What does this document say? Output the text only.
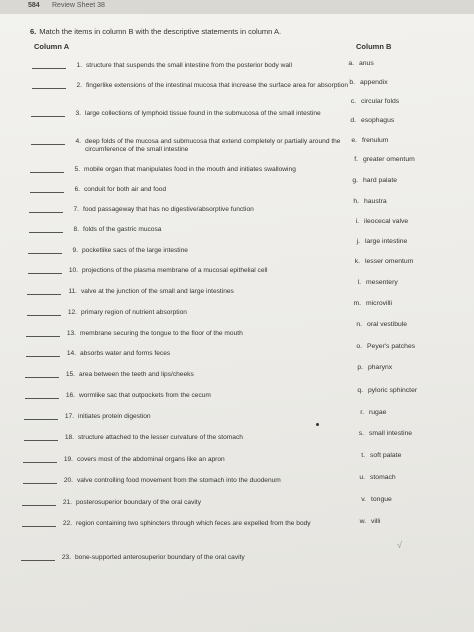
584 Review Sheet 38
6. Match the items in column B with the descriptive statements in column A.
Column A	Column B
1. structure that suspends the small intestine from the posterior body wall
2. fingerlike extensions of the intestinal mucosa that increase the surface area for absorption
3. large collections of lymphoid tissue found in the submucosa of the small intestine
4. deep folds of the mucosa and submucosa that extend completely or partially around the circumference of the small intestine
5. mobile organ that manipulates food in the mouth and initiates swallowing
6. conduit for both air and food
7. food passageway that has no digestive/absorptive function
8. folds of the gastric mucosa
9. pocketlike sacs of the large intestine
10. projections of the plasma membrane of a mucosal epithelial cell
11. valve at the junction of the small and large intestines
12. primary region of nutrient absorption
13. membrane securing the tongue to the floor of the mouth
14. absorbs water and forms feces
15. area between the teeth and lips/cheeks
16. wormlike sac that outpockets from the cecum
17. initiates protein digestion
18. structure attached to the lesser curvature of the stomach
19. covers most of the abdominal organs like an apron
20. valve controlling food movement from the stomach into the duodenum
21. posterosuperior boundary of the oral cavity
22. region containing two sphincters through which feces are expelled from the body
23. bone-supported anterosuperior boundary of the oral cavity
a. anus
b. appendix
c. circular folds
d. esophagus
e. frenulum
f. greater omentum
g. hard palate
h. haustra
i. ileocecal valve
j. large intestine
k. lesser omentum
l. mesentery
m. microvilli
n. oral vestibule
o. Peyer's patches
p. pharynx
q. pyloric sphincter
r. rugae
s. small intestine
t. soft palate
u. stomach
v. tongue
w. villi
√
